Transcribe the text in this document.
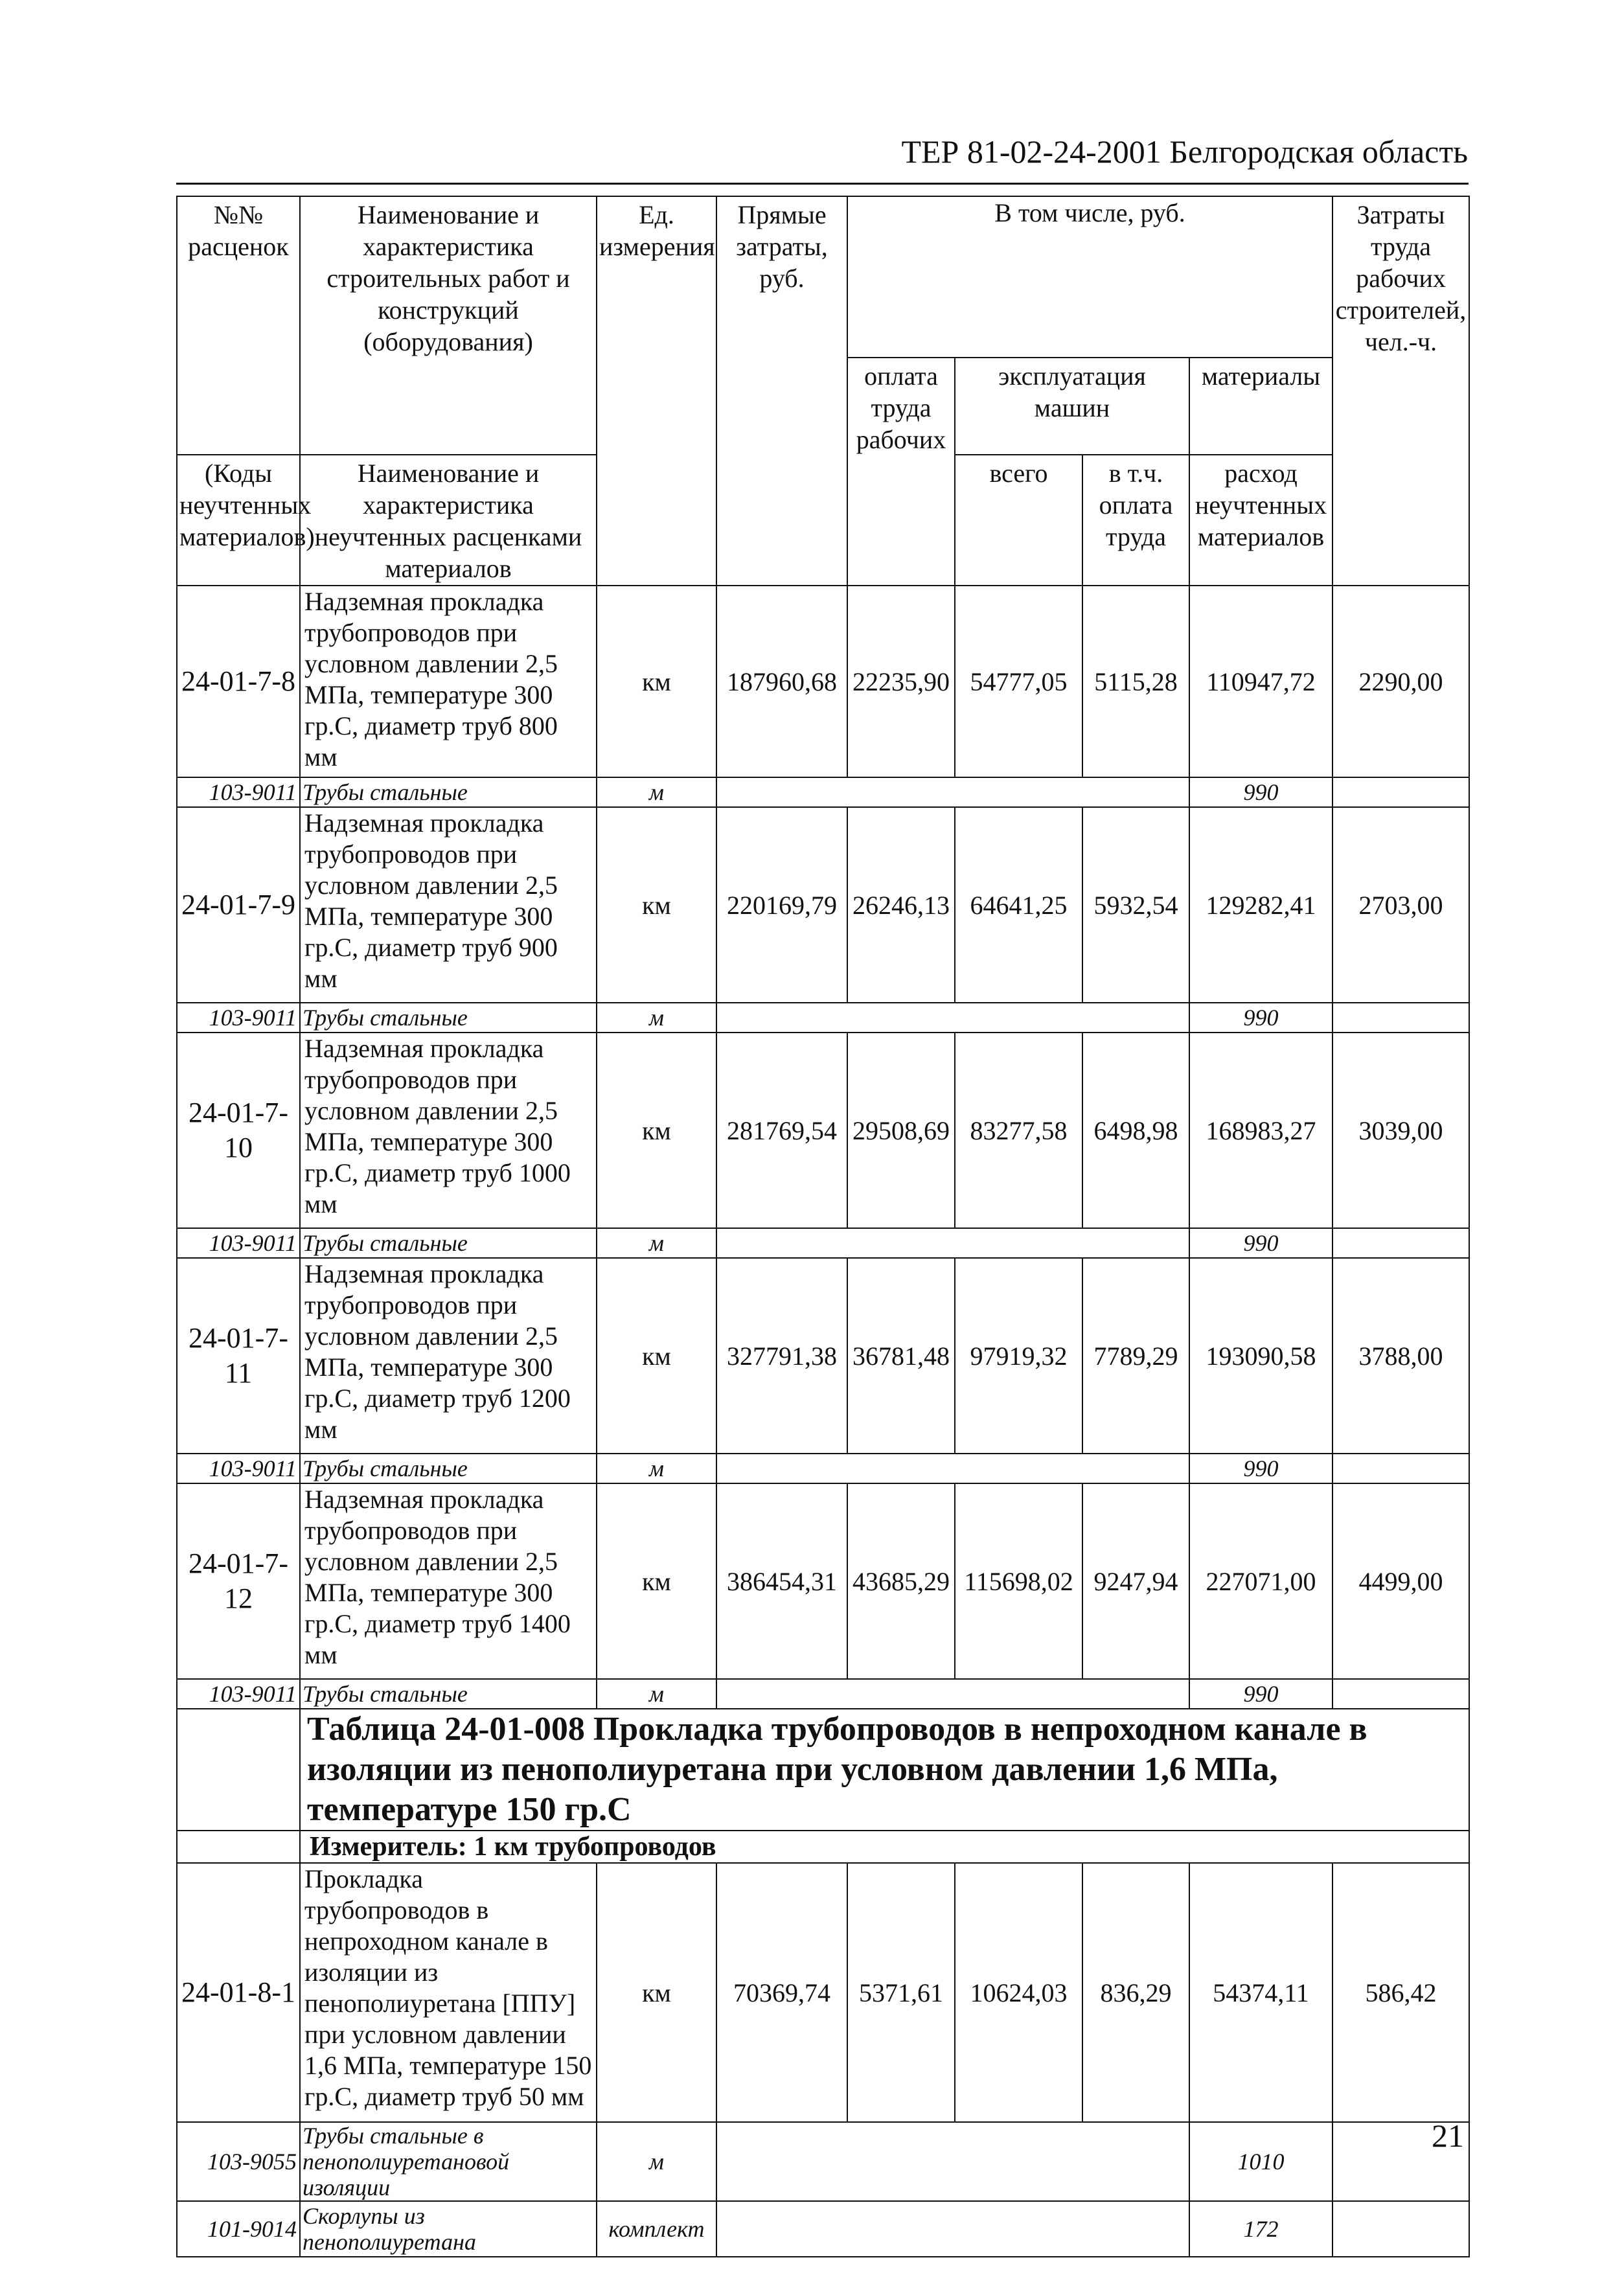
ТЕР 81-02-24-2001 Белгородская область
№№ расценок	Наименование и характеристика строительных работ и конструкций (оборудования)	Ед. измерения	Прямые затраты, руб.	В том числе, руб.				Затраты труда рабочих строителей, чел.-ч.
				оплата труда рабочих	эксплуатация машин		материалы	
(Коды неучтенных материалов)	Наименование и характеристика неучтенных расценками материалов				всего	в т.ч. оплата труда	расход неучтенных материалов	

24-01-7-8	Надземная прокладка трубопроводов при условном давлении 2,5 МПа, температуре 300 гр.С, диаметр труб 800 мм	км	187960,68	22235,90	54777,05	5115,28	110947,72	2290,00
103-9011	Трубы стальные	м					990	
24-01-7-9	Надземная прокладка трубопроводов при условном давлении 2,5 МПа, температуре 300 гр.С, диаметр труб 900 мм	км	220169,79	26246,13	64641,25	5932,54	129282,41	2703,00
103-9011	Трубы стальные	м					990	
24-01-7-10	Надземная прокладка трубопроводов при условном давлении 2,5 МПа, температуре 300 гр.С, диаметр труб 1000 мм	км	281769,54	29508,69	83277,58	6498,98	168983,27	3039,00
103-9011	Трубы стальные	м					990	
24-01-7-11	Надземная прокладка трубопроводов при условном давлении 2,5 МПа, температуре 300 гр.С, диаметр труб 1200 мм	км	327791,38	36781,48	97919,32	7789,29	193090,58	3788,00
103-9011	Трубы стальные	м					990	
24-01-7-12	Надземная прокладка трубопроводов при условном давлении 2,5 МПа, температуре 300 гр.С, диаметр труб 1400 мм	км	386454,31	43685,29	115698,02	9247,94	227071,00	4499,00
103-9011	Трубы стальные	м					990	
	Таблица 24-01-008 Прокладка трубопроводов в непроходном канале в изоляции из пенополиуретана при условном давлении 1,6 МПа, температуре 150 гр.С							
	Измеритель: 1 км трубопроводов							
24-01-8-1	Прокладка трубопроводов в непроходном канале в изоляции из пенополиуретана [ППУ] при условном давлении 1,6 МПа, температуре 150 гр.С, диаметр труб 50 мм	км	70369,74	5371,61	10624,03	836,29	54374,11	586,42
103-9055	Трубы стальные в пенополиуретановой изоляции	м					1010	
101-9014	Скорлупы из пенополиуретана	комплект					172	
21
